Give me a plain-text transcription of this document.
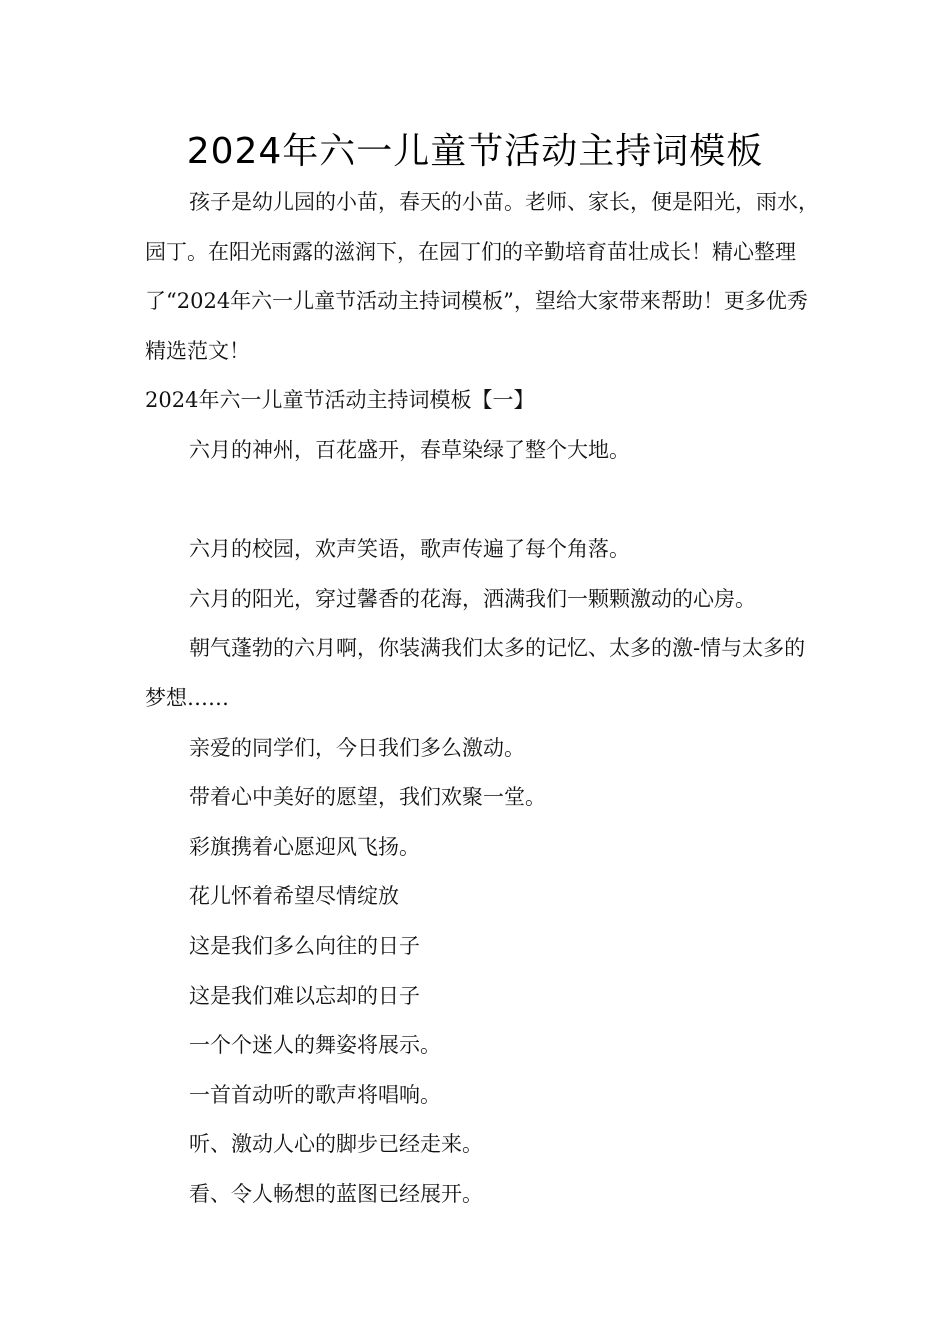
2024年六一儿童节活动主持词模板

孩子是幼儿园的小苗，春天的小苗。老师、家长，便是阳光，雨水，园丁。在阳光雨露的滋润下，在园丁们的辛勤培育苗壮成长！精心整理了“2024年六一儿童节活动主持词模板”，望给大家带来帮助！更多优秀精选范文！

2024年六一儿童节活动主持词模板【一】

六月的神州，百花盛开，春草染绿了整个大地。

六月的校园，欢声笑语，歌声传遍了每个角落。

六月的阳光，穿过馨香的花海，洒满我们一颗颗激动的心房。

朝气蓬勃的六月啊，你装满我们太多的记忆、太多的激-情与太多的梦想……

亲爱的同学们，今日我们多么激动。

带着心中美好的愿望，我们欢聚一堂。

彩旗携着心愿迎风飞扬。

花儿怀着希望尽情绽放

这是我们多么向往的日子

这是我们难以忘却的日子

一个个迷人的舞姿将展示。

一首首动听的歌声将唱响。

听、激动人心的脚步已经走来。

看、令人畅想的蓝图已经展开。
